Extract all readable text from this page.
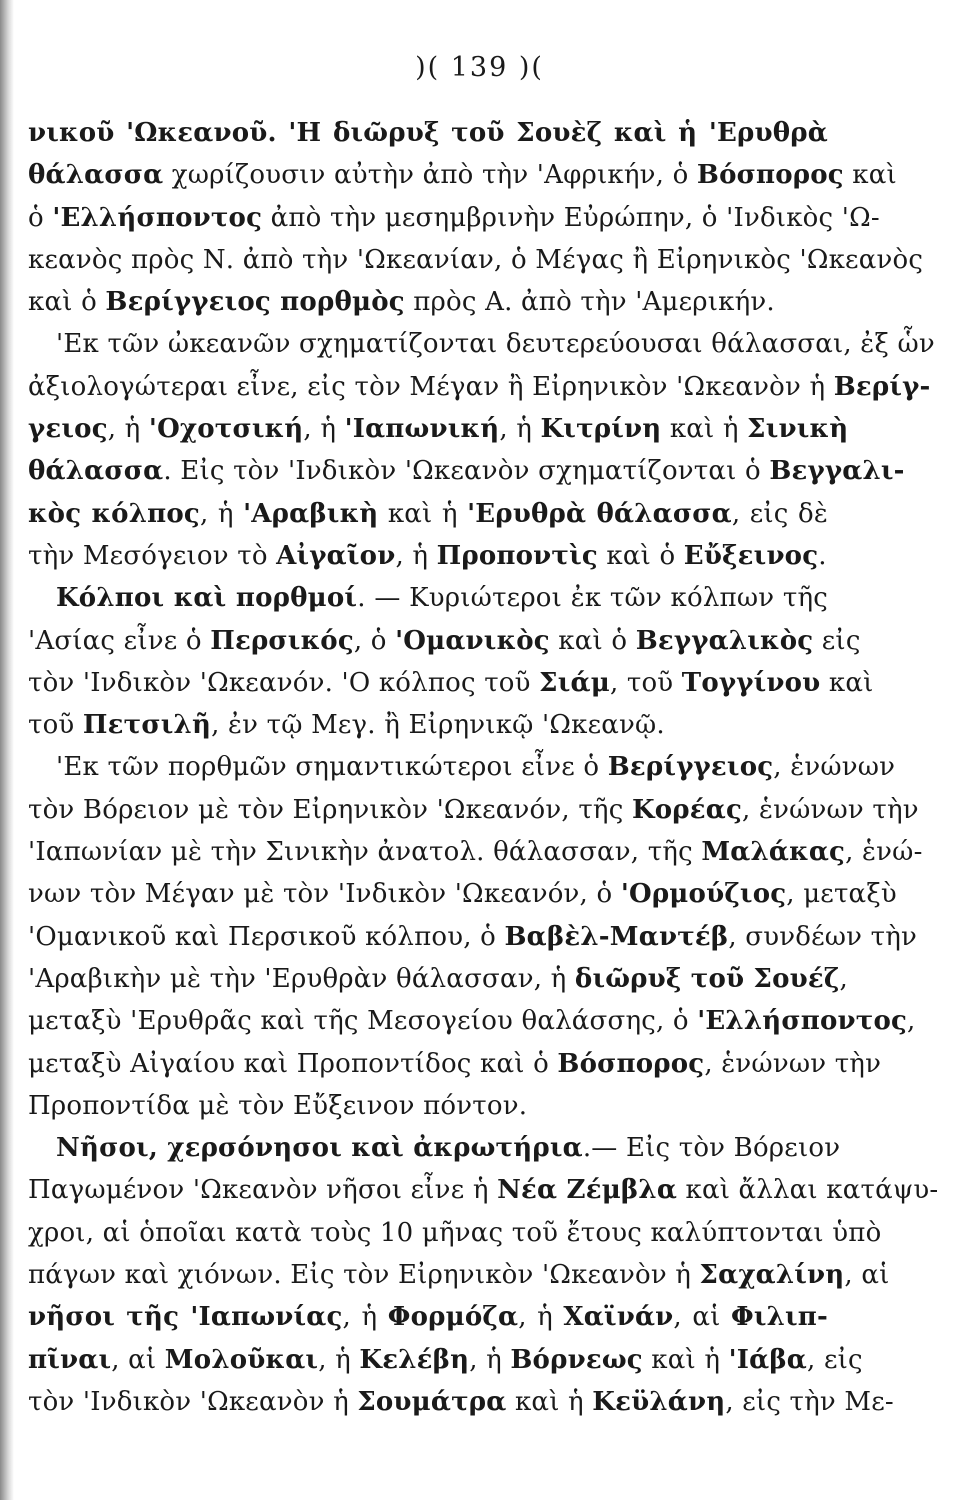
)( 139 )(
νικοῦ 'Ωκεανοῦ. 'Η διῶρυξ τοῦ Σουὲζ καὶ ἡ 'Ερυθρὰ
θάλασσα χωρίζουσιν αὐτὴν ἀπὸ τὴν 'Αφρικήν, ὁ Βόσπορος καὶ
ὁ 'Ελλήσποντος ἀπὸ τὴν μεσημβρινὴν Εὐρώπην, ὁ 'Ινδικὸς 'Ω-
κεανὸς πρὸς Ν. ἀπὸ τὴν 'Ωκεανίαν, ὁ Μέγας ἢ Εἰρηνικὸς 'Ωκεανὸς
καὶ ὁ Βερίγγειος πορθμὸς πρὸς Α. ἀπὸ τὴν 'Αμερικήν.
'Εκ τῶν ὠκεανῶν σχηματίζονται δευτερεύουσαι θάλασσαι, ἐξ ὧν
ἀξιολογώτεραι εἶνε, εἰς τὸν Μέγαν ἢ Εἰρηνικὸν 'Ωκεανὸν ἡ Βερίγ-
γειος, ἡ 'Οχοτσική, ἡ 'Ιαπωνική, ἡ Κιτρίνη καὶ ἡ Σινικὴ
θάλασσα. Εἰς τὸν 'Ινδικὸν 'Ωκεανὸν σχηματίζονται ὁ Βεγγαλι-
κὸς κόλπος, ἡ 'Αραβικὴ καὶ ἡ 'Ερυθρὰ θάλασσα, εἰς δὲ
τὴν Μεσόγειον τὸ Αἰγαῖον, ἡ Προποντὶς καὶ ὁ Εὔξεινος.
Κόλποι καὶ πορθμοί. — Κυριώτεροι ἐκ τῶν κόλπων τῆς
'Ασίας εἶνε ὁ Περσικός, ὁ 'Ομανικὸς καὶ ὁ Βεγγαλικὸς εἰς
τὸν 'Ινδικὸν 'Ωκεανόν. 'Ο κόλπος τοῦ Σιάμ, τοῦ Τογγίνου καὶ
τοῦ Πετσιλῆ, ἐν τῷ Μεγ. ἢ Εἰρηνικῷ 'Ωκεανῷ.
'Εκ τῶν πορθμῶν σημαντικώτεροι εἶνε ὁ Βερίγγειος, ἑνώνων
τὸν Βόρειον μὲ τὸν Εἰρηνικὸν 'Ωκεανόν, τῆς Κορέας, ἑνώνων τὴν
'Ιαπωνίαν μὲ τὴν Σινικὴν ἀνατολ. θάλασσαν, τῆς Μαλάκας, ἑνώ-
νων τὸν Μέγαν μὲ τὸν 'Ινδικὸν 'Ωκεανόν, ὁ 'Ορμούζιος, μεταξὺ
'Ομανικοῦ καὶ Περσικοῦ κόλπου, ὁ Βαβὲλ-Μαντέβ, συνδέων τὴν
'Αραβικὴν μὲ τὴν 'Ερυθρὰν θάλασσαν, ἡ διῶρυξ τοῦ Σουέζ,
μεταξὺ 'Ερυθρᾶς καὶ τῆς Μεσογείου θαλάσσης, ὁ 'Ελλήσποντος,
μεταξὺ Αἰγαίου καὶ Προποντίδος καὶ ὁ Βόσπορος, ἑνώνων τὴν
Προποντίδα μὲ τὸν Εὔξεινον πόντον.
Νῆσοι, χερσόνησοι καὶ ἀκρωτήρια.— Εἰς τὸν Βόρειον
Παγωμένον 'Ωκεανὸν νῆσοι εἶνε ἡ Νέα Ζέμβλα καὶ ἄλλαι κατάψυ-
χροι, αἱ ὁποῖαι κατὰ τοὺς 10 μῆνας τοῦ ἔτους καλύπτονται ὑπὸ
πάγων καὶ χιόνων. Εἰς τὸν Εἰρηνικὸν 'Ωκεανὸν ἡ Σαχαλίνη, αἱ
νῆσοι τῆς 'Ιαπωνίας, ἡ Φορμόζα, ἡ Χαϊνάν, αἱ Φιλιπ-
πῖναι, αἱ Μολοῦκαι, ἡ Κελέβη, ἡ Βόρνεως καὶ ἡ 'Ιάβα, εἰς
τὸν 'Ινδικὸν 'Ωκεανὸν ἡ Σουμάτρα καὶ ἡ Κεϋλάνη, εἰς τὴν Με-
